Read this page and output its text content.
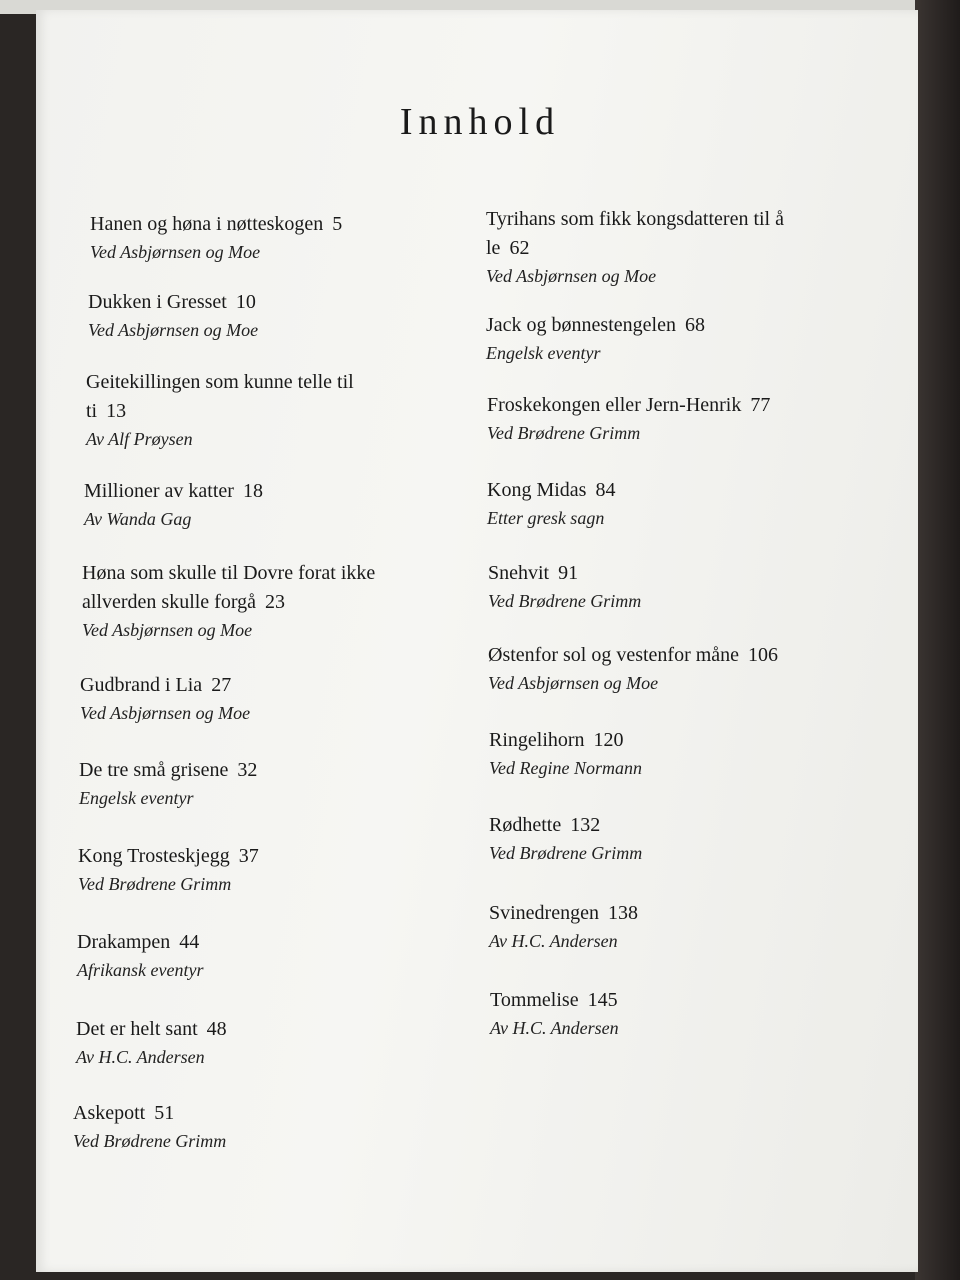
Innhold
Hanen og høna i nøtteskogen 5
Ved Asbjørnsen og Moe
Dukken i Gresset 10
Ved Asbjørnsen og Moe
Geitekillingen som kunne telle til ti 13
Av Alf Prøysen
Millioner av katter 18
Av Wanda Gag
Høna som skulle til Dovre forat ikke allverden skulle forgå 23
Ved Asbjørnsen og Moe
Gudbrand i Lia 27
Ved Asbjørnsen og Moe
De tre små grisene 32
Engelsk eventyr
Kong Trosteskjegg 37
Ved Brødrene Grimm
Drakampen 44
Afrikansk eventyr
Det er helt sant 48
Av H.C. Andersen
Askepott 51
Ved Brødrene Grimm
Tyrihans som fikk kongsdatteren til å le 62
Ved Asbjørnsen og Moe
Jack og bønnestengelen 68
Engelsk eventyr
Froskekongen eller Jern-Henrik 77
Ved Brødrene Grimm
Kong Midas 84
Etter gresk sagn
Snehvit 91
Ved Brødrene Grimm
Østenfor sol og vestenfor måne 106
Ved Asbjørnsen og Moe
Ringelihorn 120
Ved Regine Normann
Rødhette 132
Ved Brødrene Grimm
Svinedrengen 138
Av H.C. Andersen
Tommelise 145
Av H.C. Andersen
